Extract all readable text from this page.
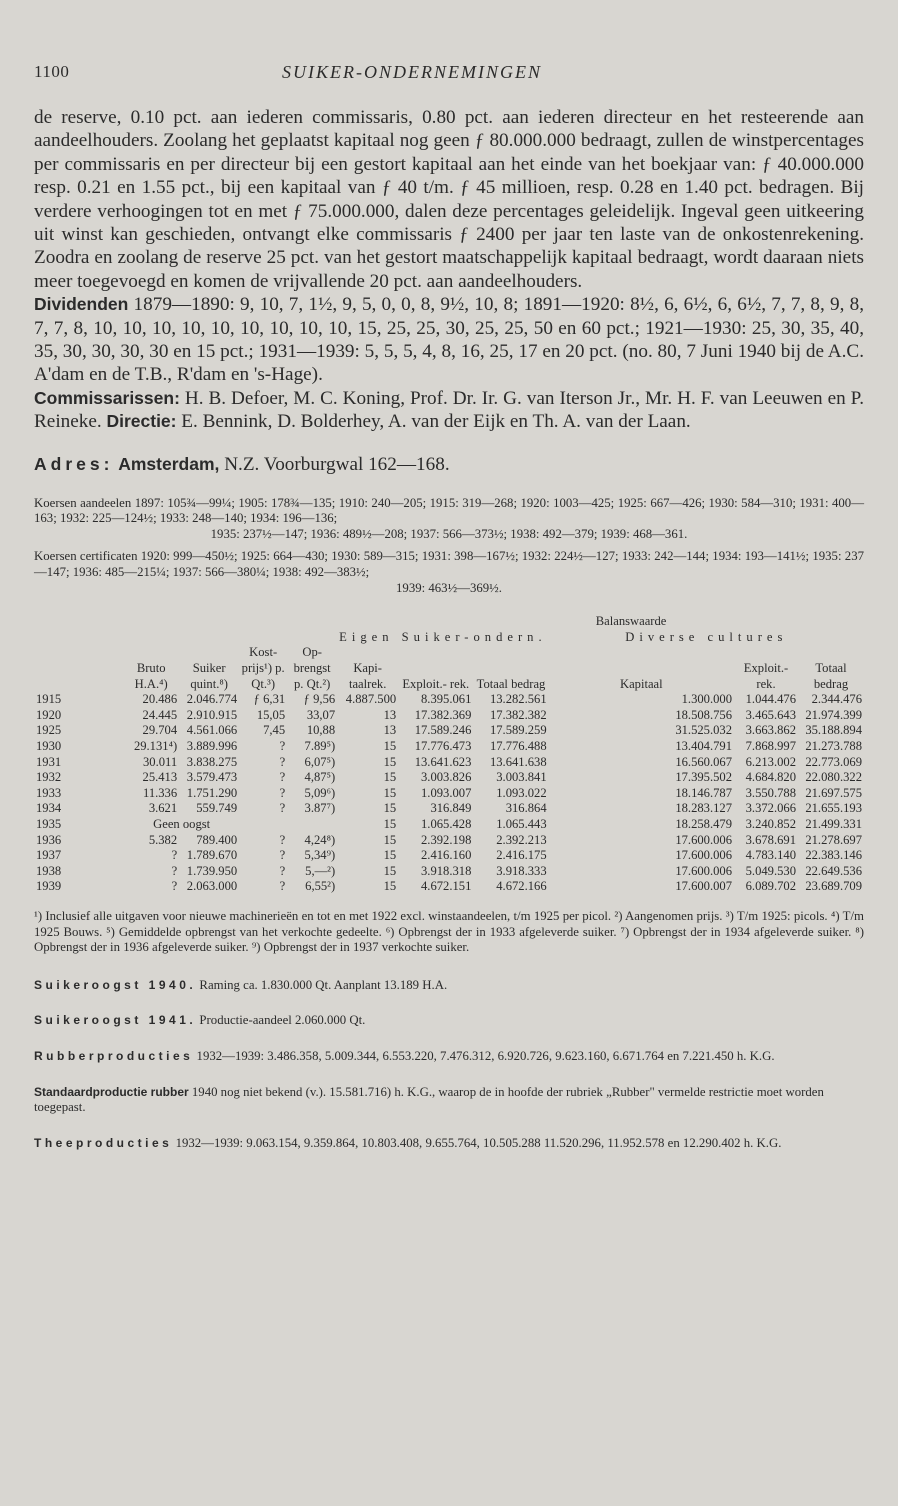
1100	SUIKER-ONDERNEMINGEN

de reserve, 0.10 pct. aan iederen commissaris, 0.80 pct. aan iederen directeur en het resteerende aan aandeelhouders. Zoolang het geplaatst kapitaal nog geen ƒ 80.000.000 bedraagt, zullen de winstpercentages per commissaris en per directeur bij een gestort kapitaal aan het einde van het boekjaar van: ƒ 40.000.000 resp. 0.21 en 1.55 pct., bij een kapitaal van ƒ 40 t/m. ƒ 45 millioen, resp. 0.28 en 1.40 pct. bedragen. Bij verdere verhoogingen tot en met ƒ 75.000.000, dalen deze percentages geleidelijk. Ingeval geen uitkeering uit winst kan geschieden, ontvangt elke commissaris ƒ 2400 per jaar ten laste van de onkostenrekening. Zoodra en zoolang de reserve 25 pct. van het gestort maatschappelijk kapitaal bedraagt, wordt daaraan niets meer toegevoegd en komen de vrijvallende 20 pct. aan aandeelhouders.

Dividenden 1879—1890: 9, 10, 7, 1½, 9, 5, 0, 0, 8, 9½, 10, 8; 1891—1920: 8½, 6, 6½, 6, 6½, 7, 7, 8, 9, 8, 7, 7, 8, 10, 10, 10, 10, 10, 10, 10, 10, 10, 15, 25, 25, 30, 25, 25, 50 en 60 pct.; 1921—1930: 25, 30, 35, 40, 35, 30, 30, 30, 30 en 15 pct.; 1931—1939: 5, 5, 5, 4, 8, 16, 25, 17 en 20 pct. (no. 80, 7 Juni 1940 bij de A.C. A'dam en de T.B., R'dam en 's-Hage).

Commissarissen: H. B. Defoer, M. C. Koning, Prof. Dr. Ir. G. van Iterson Jr., Mr. H. F. van Leeuwen en P. Reineke. Directie: E. Bennink, D. Bolderhey, A. van der Eijk en Th. A. van der Laan.

Adres: Amsterdam, N.Z. Voorburgwal 162—168.

Koersen aandeelen 1897: 105¾—99¼; 1905: 178¾—135; 1910: 240—205; 1915: 319—268; 1920: 1003—425; 1925: 667—426; 1930: 584—310; 1931: 400—163; 1932: 225—124½; 1933: 248—140; 1934: 196—136;
1935: 237½—147; 1936: 489½—208; 1937: 566—373½; 1938: 492—379; 1939: 468—361.

Koersen certificaten 1920: 999—450½; 1925: 664—430; 1930: 589—315; 1931: 398—167½; 1932: 224½—127; 1933: 242—144; 1934: 193—141½; 1935: 237—147; 1936: 485—215¼; 1937: 566—380¼; 1938: 492—383½;
1939: 463½—369½.

						Balanswaarde				
					Eigen Suiker-ondern.			Diverse cultures		
	Bruto H.A.⁴)	Suiker quint.⁸)	Kost- prijs¹) p. Qt.³)	Op- brengst p. Qt.²)	Kapi- taalrek.	Exploit.- rek.	Totaal bedrag	Kapitaal	Exploit.- rek.	Totaal bedrag
1915	20.486	2.046.774	ƒ 6,31	ƒ 9,56	4.887.500	8.395.061	13.282.561	1.300.000	1.044.476	2.344.476
1920	24.445	2.910.915	15,05	33,07	13	17.382.369	17.382.382	18.508.756	3.465.643	21.974.399
1925	29.704	4.561.066	7,45	10,88	13	17.589.246	17.589.259	31.525.032	3.663.862	35.188.894
1930	29.131⁴)	3.889.996	?	7.89⁵)	15	17.776.473	17.776.488	13.404.791	7.868.997	21.273.788
1931	30.011	3.838.275	?	6,07⁵)	15	13.641.623	13.641.638	16.560.067	6.213.002	22.773.069
1932	25.413	3.579.473	?	4,87⁵)	15	3.003.826	3.003.841	17.395.502	4.684.820	22.080.322
1933	11.336	1.751.290	?	5,09⁶)	15	1.093.007	1.093.022	18.146.787	3.550.788	21.697.575
1934	3.621	559.749	?	3.87⁷)	15	316.849	316.864	18.283.127	3.372.066	21.655.193
1935	Geen oogst				15	1.065.428	1.065.443	18.258.479	3.240.852	21.499.331
1936	5.382	789.400	?	4,24⁸)	15	2.392.198	2.392.213	17.600.006	3.678.691	21.278.697
1937	?	1.789.670	?	5,34⁹)	15	2.416.160	2.416.175	17.600.006	4.783.140	22.383.146
1938	?	1.739.950	?	5,—²)	15	3.918.318	3.918.333	17.600.006	5.049.530	22.649.536
1939	?	2.063.000	?	6,55²)	15	4.672.151	4.672.166	17.600.007	6.089.702	23.689.709
¹) Inclusief alle uitgaven voor nieuwe machinerieën en tot en met 1922 excl. winstaandeelen, t/m 1925 per picol. ²) Aangenomen prijs. ³) T/m 1925: picols. ⁴) T/m 1925 Bouws. ⁵) Gemiddelde opbrengst van het verkochte gedeelte. ⁶) Opbrengst der in 1933 afgeleverde suiker. ⁷) Opbrengst der in 1934 afgeleverde suiker. ⁸) Opbrengst der in 1936 afgeleverde suiker. ⁹) Opbrengst der in 1937 verkochte suiker.

Suikeroogst 1940. Raming ca. 1.830.000 Qt. Aanplant 13.189 H.A.

Suikeroogst 1941. Productie-aandeel 2.060.000 Qt.

Rubberproducties 1932—1939: 3.486.358, 5.009.344, 6.553.220, 7.476.312, 6.920.726, 9.623.160, 6.671.764 en 7.221.450 h. K.G.

Standaardproductie rubber 1940 nog niet bekend (v.). 15.581.716) h. K.G., waarop de in hoofde der rubriek „Rubber" vermelde restrictie moet worden toegepast.

Theeproducties 1932—1939: 9.063.154, 9.359.864, 10.803.408, 9.655.764, 10.505.288 11.520.296, 11.952.578 en 12.290.402 h. K.G.
